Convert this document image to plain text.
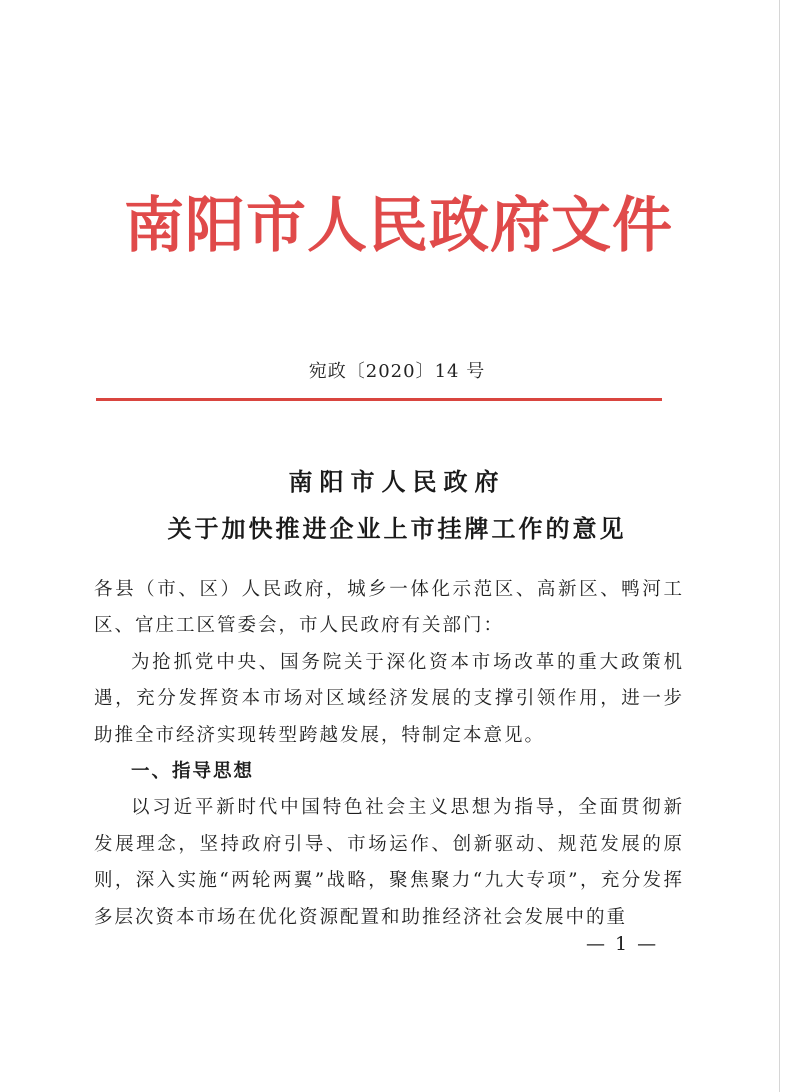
南阳市人民政府文件
宛政〔2020〕14 号
南阳市人民政府
关于加快推进企业上市挂牌工作的意见

各县（市、区）人民政府，城乡一体化示范区、高新区、鸭河工区、官庄工区管委会，市人民政府有关部门：

为抢抓党中央、国务院关于深化资本市场改革的重大政策机遇，充分发挥资本市场对区域经济发展的支撑引领作用，进一步助推全市经济实现转型跨越发展，特制定本意见。

一、指导思想

以习近平新时代中国特色社会主义思想为指导，全面贯彻新发展理念，坚持政府引导、市场运作、创新驱动、规范发展的原则，深入实施“两轮两翼”战略，聚焦聚力“九大专项”，充分发挥多层次资本市场在优化资源配置和助推经济社会发展中的重

— 1 —
